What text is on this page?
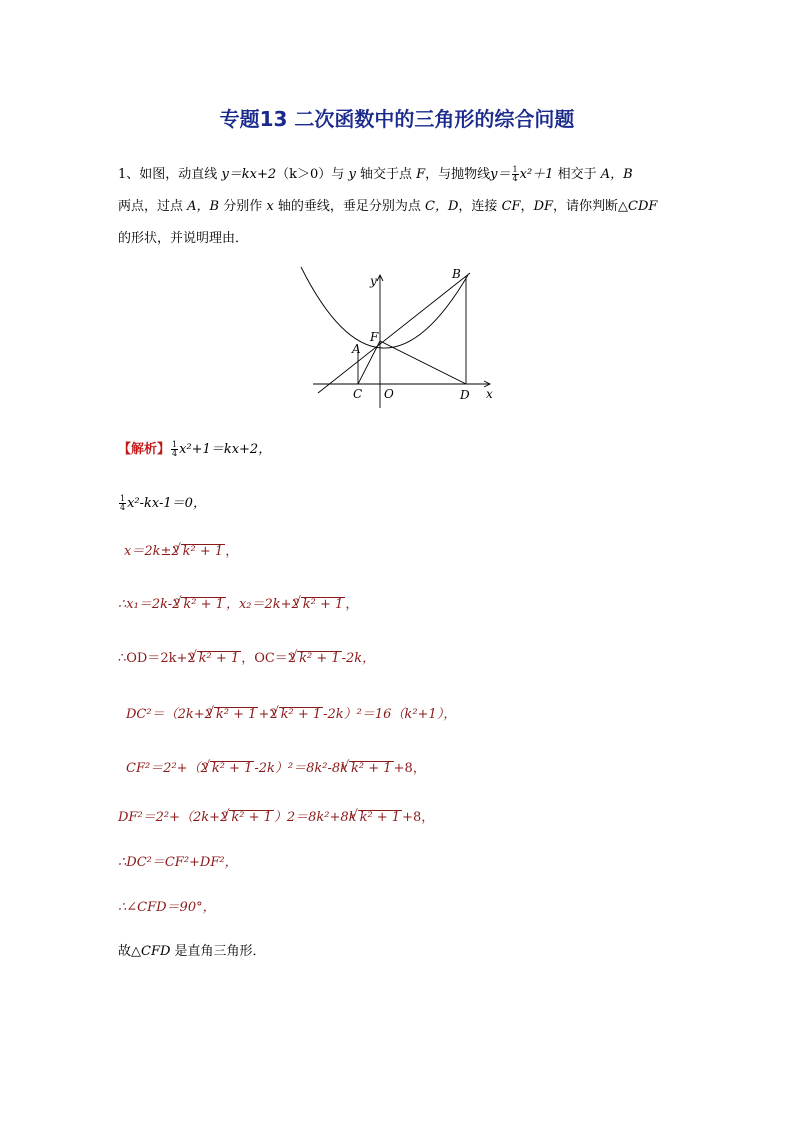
专题13 二次函数中的三角形的综合问题
1、如图，动直线 y＝kx+2（k＞0）与 y 轴交于点 F，与抛物线$y= \frac{1}{4} x^2+1$ 相交于 A，B
两点，过点 A，B 分别作 x 轴的垂线，垂足分别为点 C，D，连接 CF，DF，请你判断△CDF
的形状，并说明理由．
B
y
F
A
C O	D x
【解析】 $\frac{1}{4} x^2+1=kx+2$，
$\frac{1}{4} x^2-kx-1=0$，
x＝2k±2 √ k² + 1 ，
∴x₁＝2k-2 √ k² + 1 ，x₂＝2k+2 √ k² + 1 ，
∴OD＝2k+2 √ k² + 1 ，OC＝2 √ k² + 1 -2k，
DC²＝（2k+2 √ k² + 1 +2 √ k² + 1 -2k）²＝16（k²+1），
CF²＝2²+（2 √ k² + 1 -2k）²＝8k²-8k √ k² + 1 +8，
DF²＝2²+（2k+2 √ k² + 1 ）2＝8k²+8k √ k² + 1 +8，
∴DC²＝CF²+DF²，
∴∠CFD＝90°，
故△CFD 是直角三角形．
